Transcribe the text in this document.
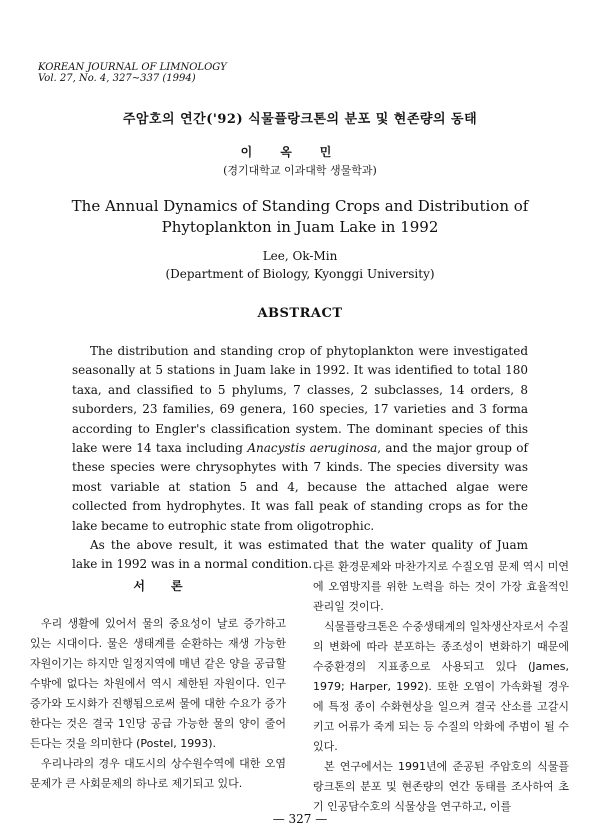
KOREAN JOURNAL OF LIMNOLOGY
Vol. 27, No. 4, 327∼337 (1994)
주암호의 연간('92) 식물플랑크톤의 분포 및 현존량의 동태
이옥민
(경기대학교 이과대학 생물학과)
The Annual Dynamics of Standing Crops and Distribution of Phytoplankton in Juam Lake in 1992
Lee, Ok-Min
(Department of Biology, Kyonggi University)
ABSTRACT

The distribution and standing crop of phytoplankton were investigated seasonally at 5 stations in Juam lake in 1992. It was identified to total 180 taxa, and classified to 5 phylums, 7 classes, 2 subclasses, 14 orders, 8 suborders, 23 families, 69 genera, 160 species, 17 varieties and 3 forma according to Engler's classification system. The dominant species of this lake were 14 taxa including Anacystis aeruginosa, and the major group of these species were chrysophytes with 7 kinds. The species diversity was most variable at station 5 and 4, because the attached algae were collected from hydrophytes. It was fall peak of standing crops as for the lake became to eutrophic state from oligotrophic.

As the above result, it was estimated that the water quality of Juam lake in 1992 was in a normal condition.

서론

우리 생활에 있어서 물의 중요성이 날로 증가하고 있는 시대이다. 물은 생태계를 순환하는 재생 가능한 자원이기는 하지만 일정지역에 매년 같은 양을 공급할 수밖에 없다는 차원에서 역시 제한된 자원이다. 인구증가와 도시화가 진행됨으로써 물에 대한 수요가 증가한다는 것은 결국 1인당 공급 가능한 물의 양이 줄어든다는 것을 의미한다 (Postel, 1993).

우리나라의 경우 대도시의 상수원수역에 대한 오염문제가 큰 사회문제의 하나로 제기되고 있다.

다른 환경문제와 마찬가지로 수질오염 문제 역시 미연에 오염방지를 위한 노력을 하는 것이 가장 효율적인 관리일 것이다.

식물플랑크톤은 수중생태계의 일차생산자로서 수질의 변화에 따라 분포하는 종조성이 변화하기 때문에 수중환경의 지표종으로 사용되고 있다 (James, 1979; Harper, 1992). 또한 오염이 가속화될 경우에 특정 종이 수화현상을 일으켜 결국 산소를 고갈시키고 어류가 죽게 되는 등 수질의 악화에 주범이 될 수 있다.

본 연구에서는 1991년에 준공된 주암호의 식물플랑크톤의 분포 및 현존량의 연간 동태를 조사하여 초기 인공담수호의 식물상을 연구하고, 이를

— 327 —
